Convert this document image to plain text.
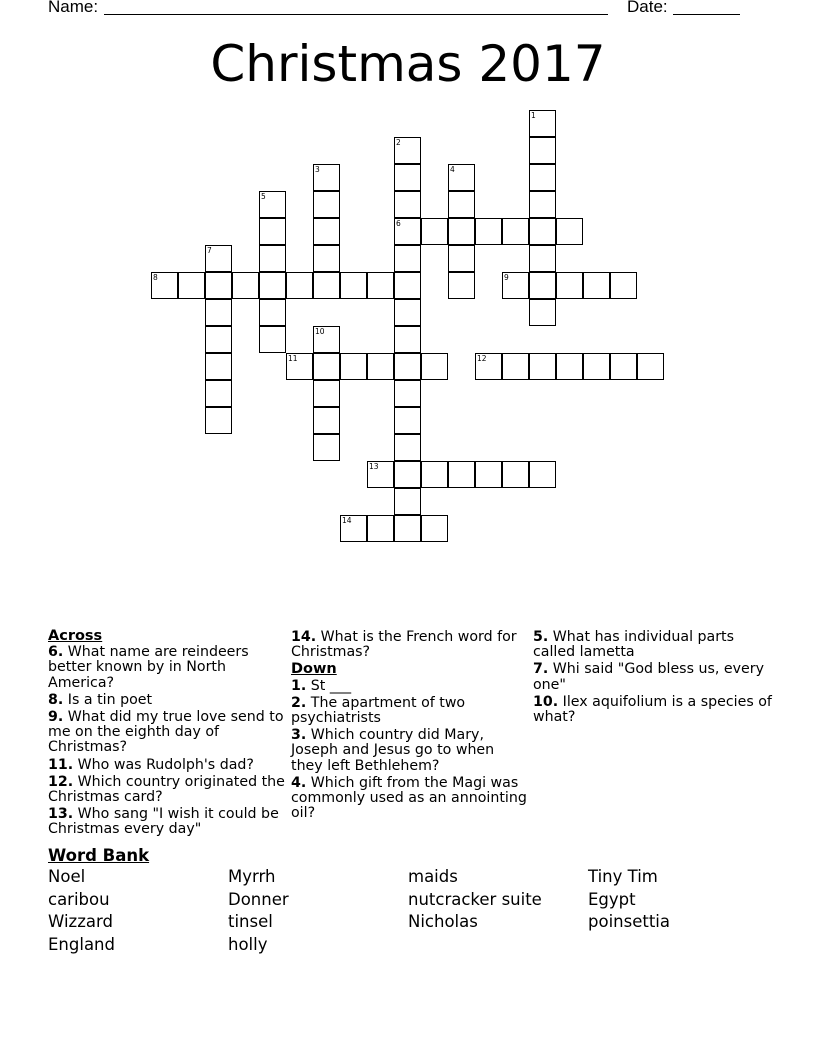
Name:	Date:
Christmas 2017
1
2
6
3	4
5
7
8	9
10
11	12
13
14
Across
6. What name are reindeers better known by in North America?
8. Is a tin poet
9. What did my true love send to me on the eighth day of Christmas?
11. Who was Rudolph's dad?
12. Which country originated the Christmas card?
13. Who sang "I wish it could be Christmas every day"
14. What is the French word for Christmas?
Down
1. St ___
2. The apartment of two psychiatrists
3. Which country did Mary, Joseph and Jesus go to when they left Bethlehem?
4. Which gift from the Magi was commonly used as an annointing oil?
5. What has individual parts called lametta
7. Whi said "God bless us, every one"
10. Ilex aquifolium is a species of what?
Word Bank
Noel	Myrrh	maids	Tiny Tim
caribou	Donner	nutcracker suite	Egypt
Wizzard	tinsel	Nicholas	poinsettia
England	holly
